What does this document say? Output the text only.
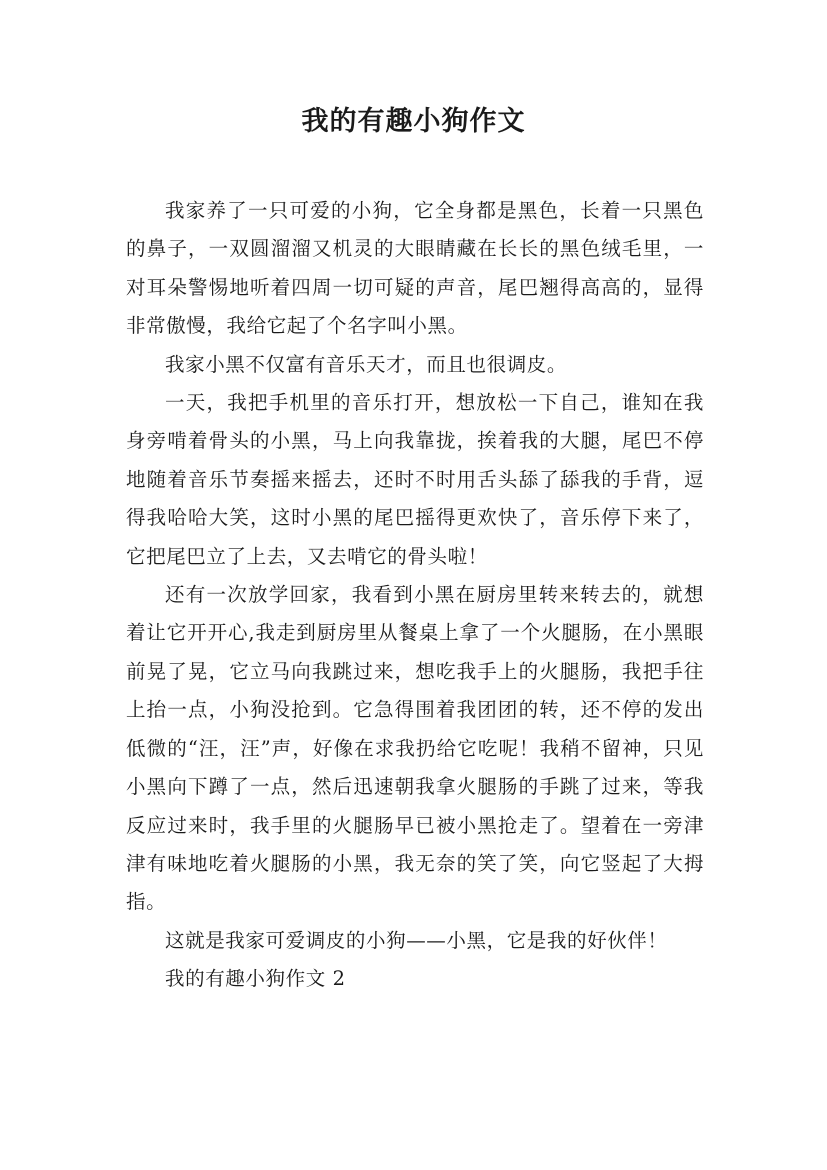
我的有趣小狗作文

我家养了一只可爱的小狗，它全身都是黑色，长着一只黑色的鼻子，一双圆溜溜又机灵的大眼睛藏在长长的黑色绒毛里，一对耳朵警惕地听着四周一切可疑的声音，尾巴翘得高高的，显得非常傲慢，我给它起了个名字叫小黑。

我家小黑不仅富有音乐天才，而且也很调皮。

一天，我把手机里的音乐打开，想放松一下自己，谁知在我身旁啃着骨头的小黑，马上向我靠拢，挨着我的大腿，尾巴不停地随着音乐节奏摇来摇去，还时不时用舌头舔了舔我的手背，逗得我哈哈大笑，这时小黑的尾巴摇得更欢快了，音乐停下来了，它把尾巴立了上去，又去啃它的骨头啦！

还有一次放学回家，我看到小黑在厨房里转来转去的，就想着让它开开心,我走到厨房里从餐桌上拿了一个火腿肠，在小黑眼前晃了晃，它立马向我跳过来，想吃我手上的火腿肠，我把手往上抬一点，小狗没抢到。它急得围着我团团的转，还不停的发出低微的“汪，汪”声，好像在求我扔给它吃呢！我稍不留神，只见小黑向下蹲了一点，然后迅速朝我拿火腿肠的手跳了过来，等我反应过来时，我手里的火腿肠早已被小黑抢走了。望着在一旁津津有味地吃着火腿肠的小黑，我无奈的笑了笑，向它竖起了大拇指。

这就是我家可爱调皮的小狗——小黑，它是我的好伙伴！

我的有趣小狗作文 2
